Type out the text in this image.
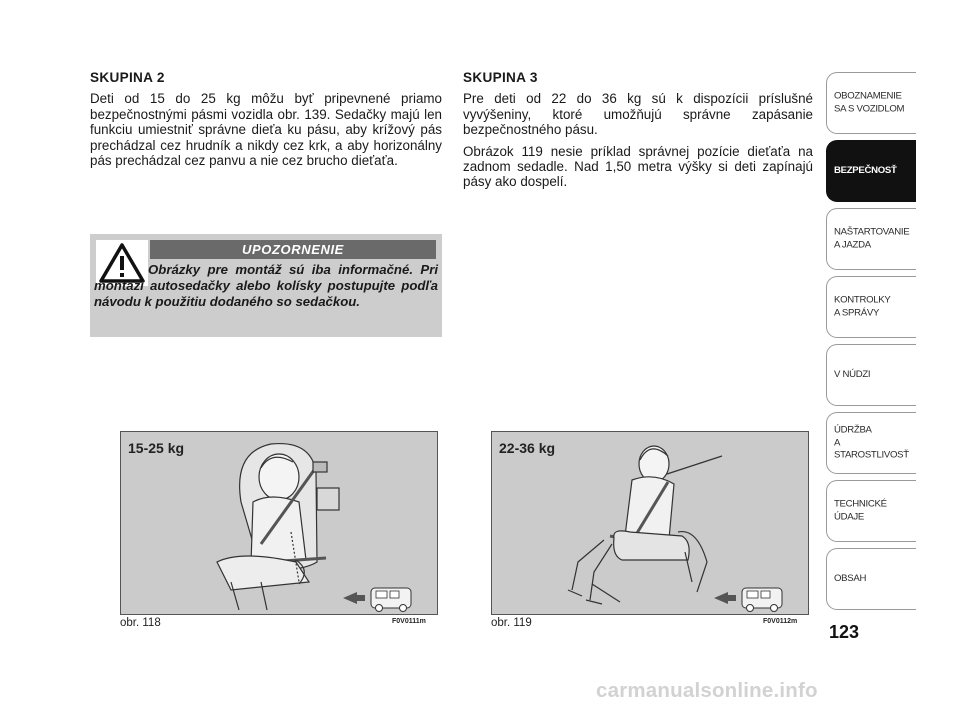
SKUPINA 2

Deti od 15 do 25 kg môžu byť pripevnené priamo bezpečnostnými pásmi vozidla obr. 139. Sedačky majú len funkciu umiestniť správne dieťa ku pásu, aby krížový pás prechádzal cez hrudník a nikdy cez krk, a aby horizonálny pás prechádzal cez panvu a nie cez brucho dieťaťa.

SKUPINA 3

Pre deti od 22 do 36 kg sú k dispozícii príslušné vyvýšeniny, ktoré umožňujú správne zapásanie bezpečnostného pásu.

Obrázok 119 nesie príklad správnej pozície dieťaťa na zadnom sedadle. Nad 1,50 metra výšky si deti zapínajú pásy ako dospelí.

UPOZORNENIE
Obrázky pre montáž sú iba informačné. Pri montáži autosedačky alebo kolísky postupujte podľa návodu k použitiu dodaného so sedačkou.
15-25 kg
obr. 118	F0V0111m
22-36 kg
obr. 119	F0V0112m
OBOZNAMENIE
SA S VOZIDLOM
BEZPEČNOSŤ
NAŠTARTOVANIE
A JAZDA
KONTROLKY
A SPRÁVY
V NÚDZI
ÚDRŽBA
A STAROSTLIVOSŤ
TECHNICKÉ
ÚDAJE
OBSAH
123
carmanualsonline.info
